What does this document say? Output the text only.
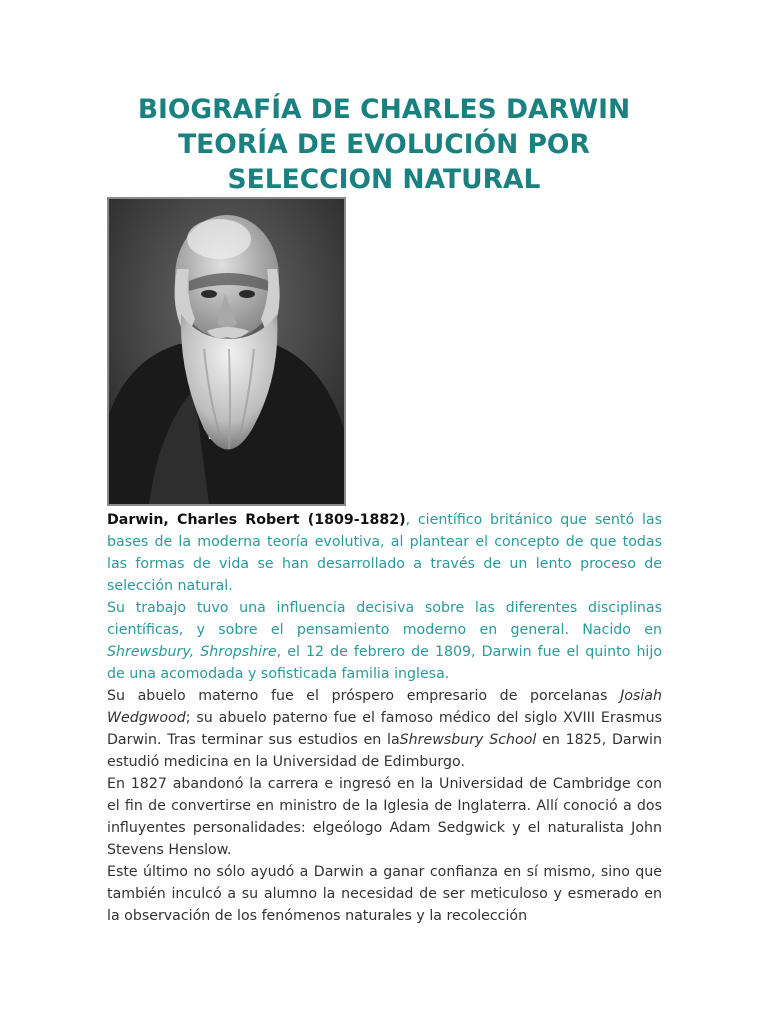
BIOGRAFÍA DE CHARLES DARWIN
TEORÍA DE EVOLUCIÓN POR
SELECCION NATURAL

Darwin, Charles Robert (1809-1882), científico británico que sentó las bases de la moderna teoría evolutiva, al plantear el concepto de que todas las formas de vida se han desarrollado a través de un lento proceso de selección natural.

Su trabajo tuvo una influencia decisiva sobre las diferentes disciplinas científicas, y sobre el pensamiento moderno en general. Nacido en Shrewsbury, Shropshire, el 12 de febrero de 1809, Darwin fue el quinto hijo de una acomodada y sofisticada familia inglesa.

Su abuelo materno fue el próspero empresario de porcelanas Josiah Wedgwood; su abuelo paterno fue el famoso médico del siglo XVIII Erasmus Darwin. Tras terminar sus estudios en laShrewsbury School en 1825, Darwin estudió medicina en la Universidad de Edimburgo.

En 1827 abandonó la carrera e ingresó en la Universidad de Cambridge con el fin de convertirse en ministro de la Iglesia de Inglaterra. Allí conoció a dos influyentes personalidades: elgeólogo Adam Sedgwick y el naturalista John Stevens Henslow.

Este último no sólo ayudó a Darwin a ganar confianza en sí mismo, sino que también inculcó a su alumno la necesidad de ser meticuloso y esmerado en la observación de los fenómenos naturales y la recolección
